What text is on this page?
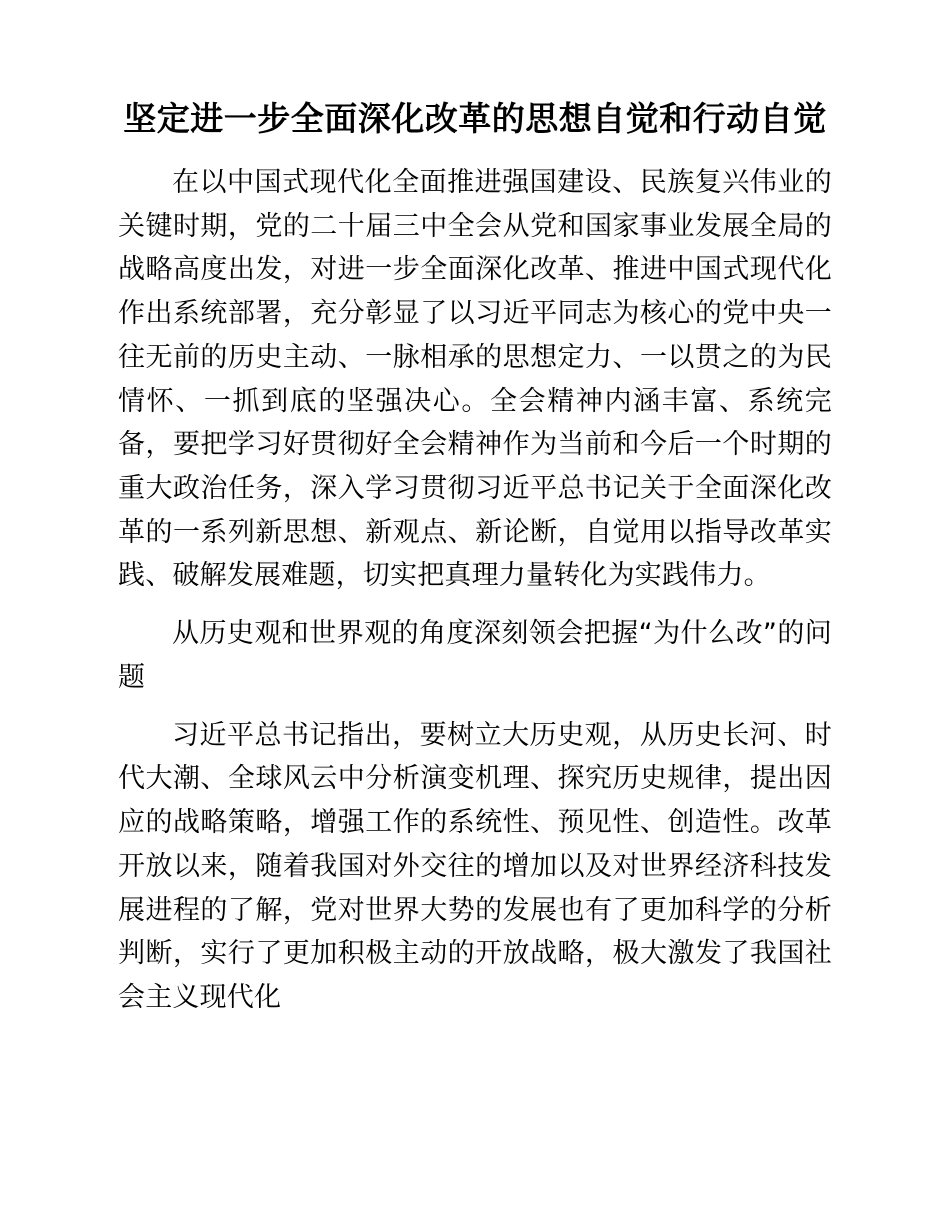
坚定进一步全面深化改革的思想自觉和行动自觉

在以中国式现代化全面推进强国建设、民族复兴伟业的关键时期，党的二十届三中全会从党和国家事业发展全局的战略高度出发，对进一步全面深化改革、推进中国式现代化作出系统部署，充分彰显了以习近平同志为核心的党中央一往无前的历史主动、一脉相承的思想定力、一以贯之的为民情怀、一抓到底的坚强决心。全会精神内涵丰富、系统完备，要把学习好贯彻好全会精神作为当前和今后一个时期的重大政治任务，深入学习贯彻习近平总书记关于全面深化改革的一系列新思想、新观点、新论断，自觉用以指导改革实践、破解发展难题，切实把真理力量转化为实践伟力。

从历史观和世界观的角度深刻领会把握“为什么改”的问题

习近平总书记指出，要树立大历史观，从历史长河、时代大潮、全球风云中分析演变机理、探究历史规律，提出因应的战略策略，增强工作的系统性、预见性、创造性。改革开放以来，随着我国对外交往的增加以及对世界经济科技发展进程的了解，党对世界大势的发展也有了更加科学的分析判断，实行了更加积极主动的开放战略，极大激发了我国社会主义现代化
